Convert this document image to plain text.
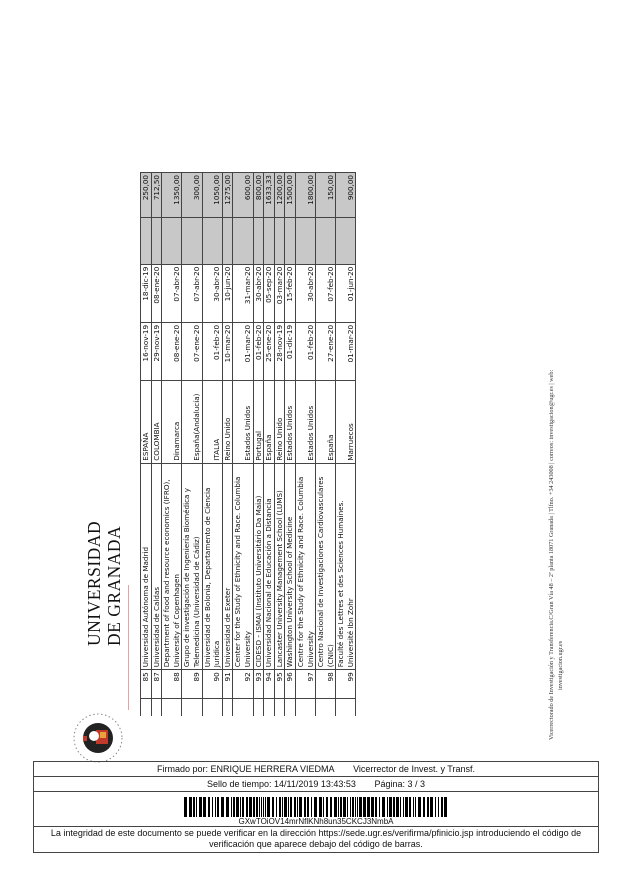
UNIVERSIDAD DE GRANADA
	85	Universidad Autónoma de Madrid	ESPAÑA	16-nov-19	18-dic-19		250,00
	87	Universidad de Caldas	COLOMBIA	29-nov-19	08-ene-20		712,50
	88	Department of food and resource economics (IFRO), University of Copenhagen	Dinamarca	08-ene-20	07-abr-20		1350,00
	89	Grupo de investigación de Ingeniería Biomédica y Telemedicina (Universidad de Cádiz)	España(Andalucía)	07-ene-20	07-abr-20		300,00
	90	Universidad de Bolonia, Departamento de Ciencia Jurídica	ITALIA	01-feb-20	30-abr-20		1050,00
	91	Universidad de Exeter	Reino Unido	10-mar-20	10-jun-20		1275,00
	92	Center for the Study of Ethnicity and Race. Columbia University	Estados Unidos	01-mar-20	31-mar-20		600,00
	93	CIDESD - ISMAI (Instituto Universitário Da Maia)	Portugal	01-feb-20	30-abr-20		800,00
	94	Universidad Nacional de Educación a Distancia	España	25-ene-20	05-sep-20		1633,33
	95	Lancaster University Management School (LUMS)	Reino Unido	28-nov-19	03-mar-20		1200,00
	96	Washington University School of Medicine	Estados Unidos	01-dic-19	15-feb-20		1500,00
	97	Centre for the Study of Ethnicity and Race. Columbia University	Estados Unidos	01-feb-20	30-abr-20		1800,00
	98	Centro Nacional de Investigaciones Cardiovasculares (CNIC)	España	27-ene-20	07-feb-20		150,00
	99	Faculté des Lettres et des Sciences Humaines. Université Ibn Zohr	Marruecos	01-mar-20	01-jun-20		900,00
Vicerrectorado de Investigación y Transferencia.C/Gran Vía 48 – 2ª planta 18071 Granada | Tlfno. +34 243008 | correos: investigacion@ugr.es | web: investigacion.ugr.es
Firmado por: ENRIQUE HERRERA VIEDMA Vicerrector de Invest. y Transf.
Sello de tiempo: 14/11/2019 13:43:53 Página: 3 / 3
GXwTOiOV14mrNflKNh8un35CKCJ3NmbA
La integridad de este documento se puede verificar en la dirección https://sede.ugr.es/verifirma/pfinicio.jsp introduciendo el código de verificación que aparece debajo del código de barras.
